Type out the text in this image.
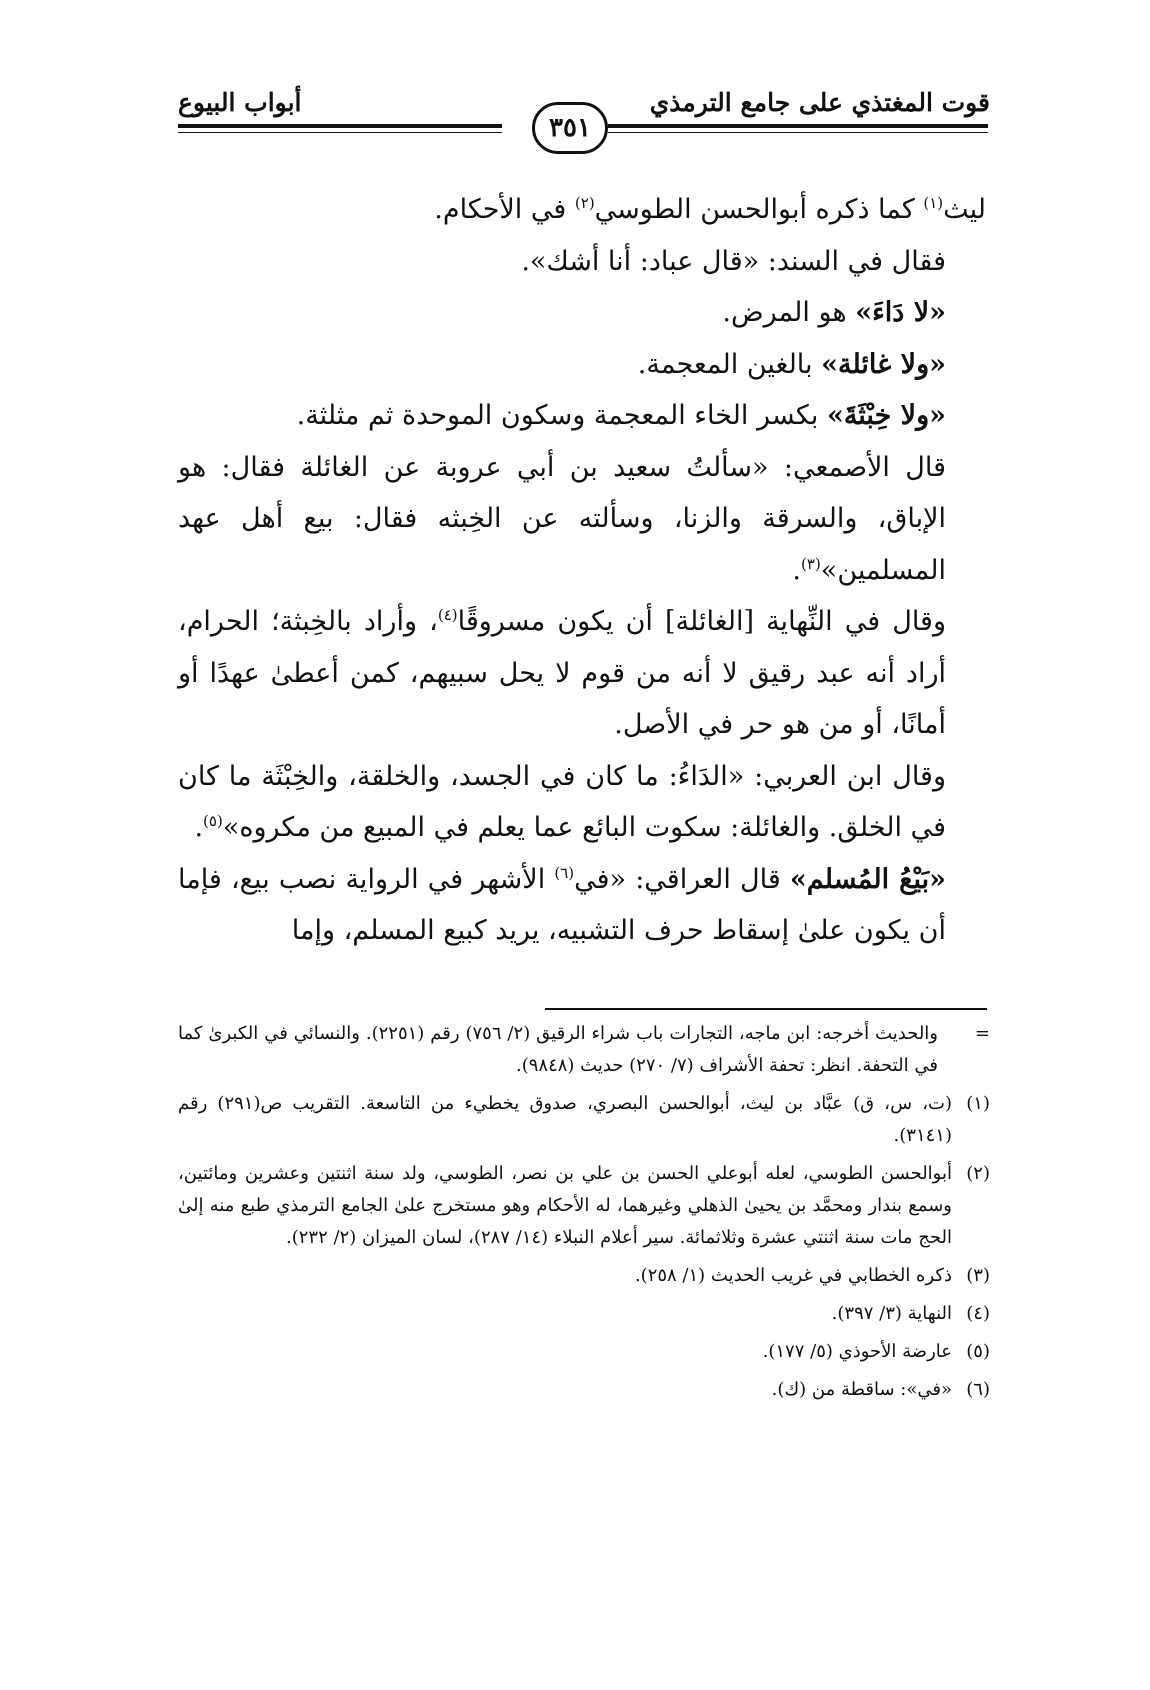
قوت المغتذي على جامع الترمذي
أبواب البيوع
٣٥١

ليث$^{(١)}$ كما ذكره أبوالحسن الطوسي$^{(٢)}$ في الأحكام.

فقال في السند: «قال عباد: أنا أشك».

«لا دَاءَ» هو المرض.

«ولا غائلة» بالغين المعجمة.

«ولا خِبْثَةَ» بكسر الخاء المعجمة وسكون الموحدة ثم مثلثة.

قال الأصمعي: «سألتُ سعيد بن أبي عروبة عن الغائلة فقال: هو الإباق، والسرقة والزنا، وسألته عن الخِبثه فقال: بيع أهل عهد المسلمين»$^{(٣)}$.

وقال في النِّهاية [الغائلة] أن يكون مسروقًا$^{(٤)}$، وأراد بالخِبثة؛ الحرام، أراد أنه عبد رقيق لا أنه من قوم لا يحل سبيهم، كمن أعطىٰ عهدًا أو أمانًا، أو من هو حر في الأصل.

وقال ابن العربي: «الدَاءُ: ما كان في الجسد، والخلقة، والخِبْثَة ما كان في الخلق. والغائلة: سكوت البائع عما يعلم في المبيع من مكروه»$^{(٥)}$.

«بَيْعُ المُسلم» قال العراقي: «في$^{(٦)}$ الأشهر في الرواية نصب بيع، فإما أن يكون علىٰ إسقاط حرف التشبيه، يريد كبيع المسلم، وإما

=
والحديث أخرجه: ابن ماجه، التجارات باب شراء الرقيق (٢/ ٧٥٦) رقم (٢٢٥١). والنسائي في الكبرىٰ كما في التحفة. انظر: تحفة الأشراف (٧/ ٢٧٠) حديث (٩٨٤٨).
(١)
(ت، س، ق) عبَّاد بن ليث، أبوالحسن البصري، صدوق يخطيء من التاسعة. التقريب ص(٢٩١) رقم (٣١٤١).
(٢)
أبوالحسن الطوسي، لعله أبوعلي الحسن بن علي بن نصر، الطوسي، ولد سنة اثنتين وعشرين ومائتين، وسمع بندار ومحمَّد بن يحيىٰ الذهلي وغيرهما، له الأحكام وهو مستخرج علىٰ الجامع الترمذي طبع منه إلىٰ الحج مات سنة اثنتي عشرة وثلاثمائة. سير أعلام النبلاء (١٤/ ٢٨٧)، لسان الميزان (٢/ ٢٣٢).
(٣)
ذكره الخطابي في غريب الحديث (١/ ٢٥٨).
(٤)
النهاية (٣/ ٣٩٧).
(٥)
عارضة الأحوذي (٥/ ١٧٧).
(٦)
«في»: ساقطة من (ك).
